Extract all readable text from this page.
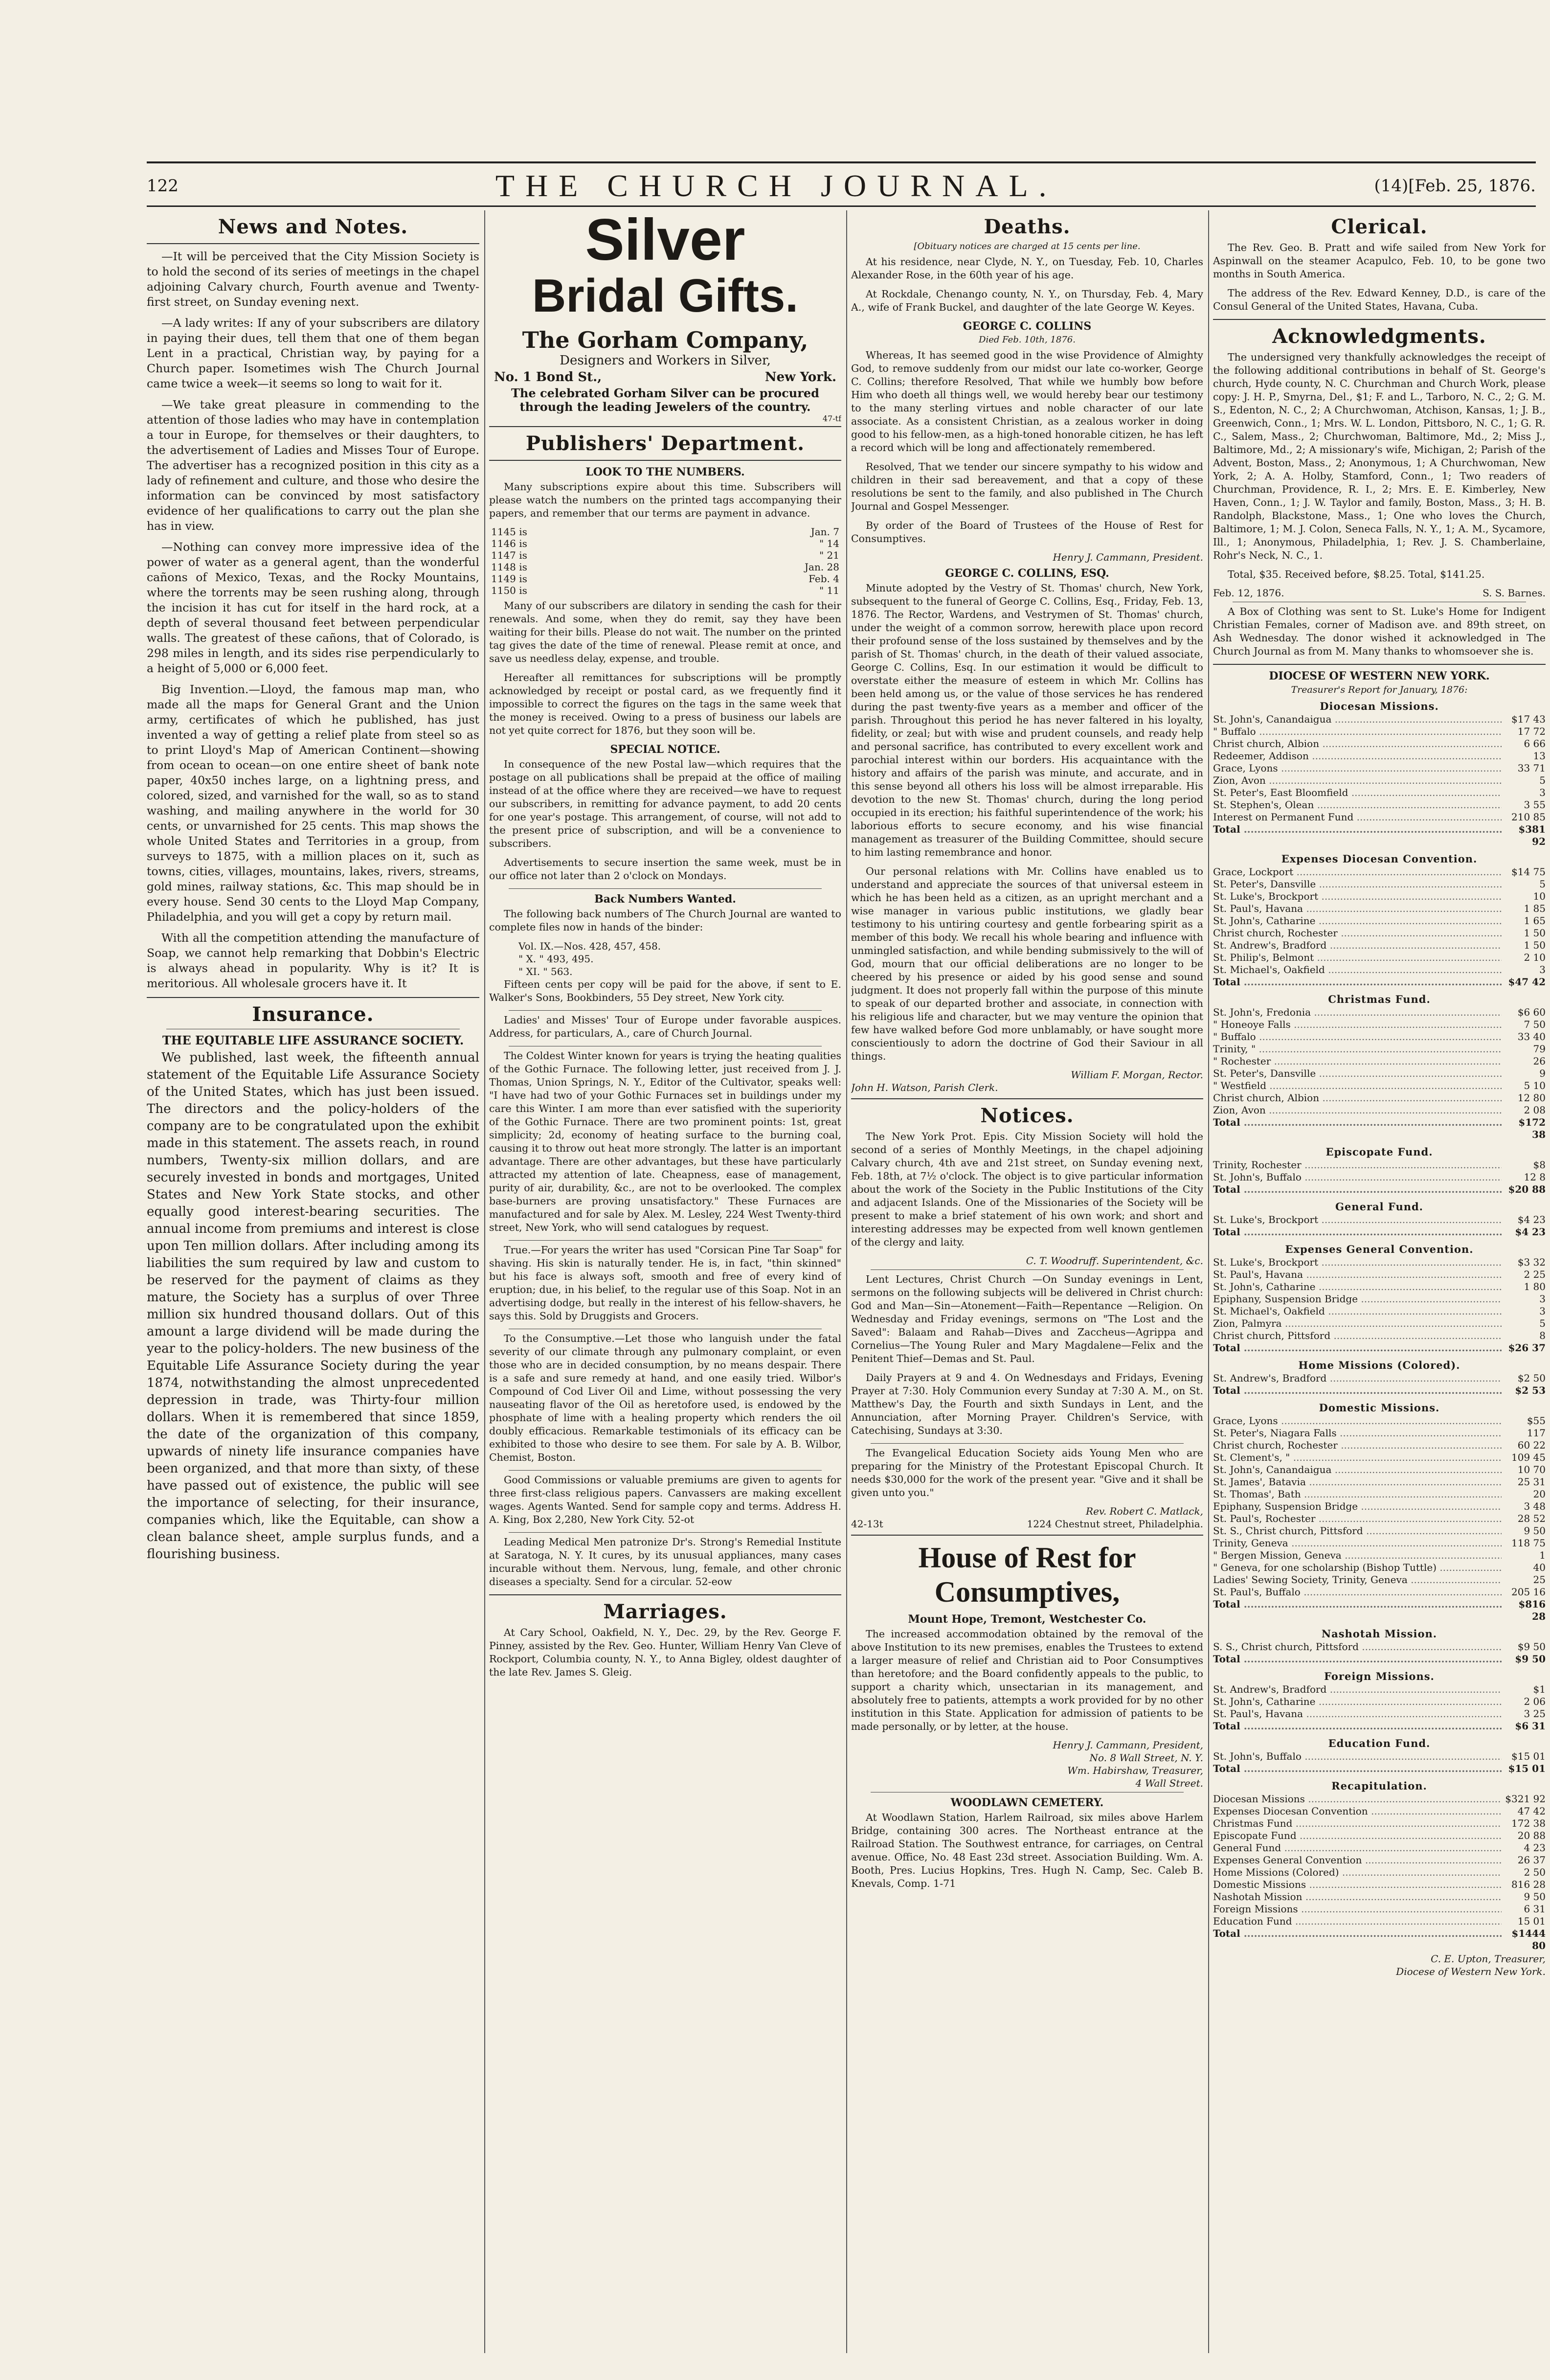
122	THE CHURCH JOURNAL.	(14)[Feb. 25, 1876.
News and Notes.

—It will be perceived that the City Mission Society is to hold the second of its series of meetings in the chapel adjoining Calvary church, Fourth avenue and Twenty-first street, on Sunday evening next.

—A lady writes: If any of your subscribers are dilatory in paying their dues, tell them that one of them began Lent in a practical, Christian way, by paying for a Church paper. Isometimes wish The Church Journal came twice a week—it seems so long to wait for it.

—We take great pleasure in commending to the attention of those ladies who may have in contemplation a tour in Europe, for themselves or their daughters, to the advertisement of Ladies and Misses Tour of Europe. The advertiser has a recognized position in this city as a lady of refinement and culture, and those who desire the information can be convinced by most satisfactory evidence of her qualifications to carry out the plan she has in view.

—Nothing can convey more impressive idea of the power of water as a general agent, than the wonderful cañons of Mexico, Texas, and the Rocky Mountains, where the torrents may be seen rushing along, through the incision it has cut for itself in the hard rock, at a depth of several thousand feet between perpendicular walls. The greatest of these cañons, that of Colorado, is 298 miles in length, and its sides rise perpendicularly to a height of 5,000 or 6,000 feet.

Big Invention.—Lloyd, the famous map man, who made all the maps for General Grant and the Union army, certificates of which he published, has just invented a way of getting a relief plate from steel so as to print Lloyd's Map of American Continent—showing from ocean to ocean—on one entire sheet of bank note paper, 40x50 inches large, on a lightning press, and colored, sized, and varnished for the wall, so as to stand washing, and mailing anywhere in the world for 30 cents, or unvarnished for 25 cents. This map shows the whole United States and Territories in a group, from surveys to 1875, with a million places on it, such as towns, cities, villages, mountains, lakes, rivers, streams, gold mines, railway stations, &c. This map should be in every house. Send 30 cents to the Lloyd Map Company, Philadelphia, and you will get a copy by return mail.

With all the competition attending the manufacture of Soap, we cannot help remarking that Dobbin's Electric is always ahead in popularity. Why is it? It is meritorious. All wholesale grocers have it. It

Insurance.
THE EQUITABLE LIFE ASSURANCE SOCIETY.

We published, last week, the fifteenth annual statement of the Equitable Life Assurance Society of the United States, which has just been issued. The directors and the policy-holders of the company are to be congratulated upon the exhibit made in this statement. The assets reach, in round numbers, Twenty-six million dollars, and are securely invested in bonds and mortgages, United States and New York State stocks, and other equally good interest-bearing securities. The annual income from premiums and interest is close upon Ten million dollars. After including among its liabilities the sum required by law and custom to be reserved for the payment of claims as they mature, the Society has a surplus of over Three million six hundred thousand dollars. Out of this amount a large dividend will be made during the year to the policy-holders. The new business of the Equitable Life Assurance Society during the year 1874, notwithstanding the almost unprecedented depression in trade, was Thirty-four million dollars. When it is remembered that since 1859, the date of the organization of this company, upwards of ninety life insurance companies have been organized, and that more than sixty, of these have passed out of existence, the public will see the importance of selecting, for their insurance, companies which, like the Equitable, can show a clean balance sheet, ample surplus funds, and a flourishing business.

Silver
Bridal Gifts.
The Gorham Company,
Designers and Workers in Silver,
No. 1 Bond St.,	New York.
The celebrated Gorham Silver can be procured through the leading Jewelers of the country.
47-tf
Publishers' Department.
LOOK TO THE NUMBERS.

Many subscriptions expire about this time. Subscribers will please watch the numbers on the printed tags accompanying their papers, and remember that our terms are payment in advance.

1145 is	Jan. 7
1146 is	" 14
1147 is	" 21
1148 is	Jan. 28
1149 is	Feb. 4
1150 is	" 11

Many of our subscribers are dilatory in sending the cash for their renewals. And some, when they do remit, say they have been waiting for their bills. Please do not wait. The number on the printed tag gives the date of the time of renewal. Please remit at once, and save us needless delay, expense, and trouble.

Hereafter all remittances for subscriptions will be promptly acknowledged by receipt or postal card, as we frequently find it impossible to correct the figures on the tags in the same week that the money is received. Owing to a press of business our labels are not yet quite correct for 1876, but they soon will be.

SPECIAL NOTICE.

In consequence of the new Postal law—which requires that the postage on all publications shall be prepaid at the office of mailing instead of at the office where they are received—we have to request our subscribers, in remitting for advance payment, to add 20 cents for one year's postage. This arrangement, of course, will not add to the present price of subscription, and will be a convenience to subscribers.

Advertisements to secure insertion the same week, must be in our office not later than 2 o'clock on Mondays.

Back Numbers Wanted.

The following back numbers of The Church Journal are wanted to complete files now in hands of the binder:

Vol. IX.—Nos. 428, 457, 458.
" X. " 493, 495.
" XI. " 563.

Fifteen cents per copy will be paid for the above, if sent to E. Walker's Sons, Bookbinders, 55 Dey street, New York city.

Ladies' and Misses' Tour of Europe under favorable auspices. Address, for particulars, A., care of Church Journal.

The Coldest Winter known for years is trying the heating qualities of the Gothic Furnace. The following letter, just received from J. J. Thomas, Union Springs, N. Y., Editor of the Cultivator, speaks well: "I have had two of your Gothic Furnaces set in buildings under my care this Winter. I am more than ever satisfied with the superiority of the Gothic Furnace. There are two prominent points: 1st, great simplicity; 2d, economy of heating surface to the burning coal, causing it to throw out heat more strongly. The latter is an important advantage. There are other advantages, but these have particularly attracted my attention of late. Cheapness, ease of management, purity of air, durability, &c., are not to be overlooked. The complex base-burners are proving unsatisfactory." These Furnaces are manufactured and for sale by Alex. M. Lesley, 224 West Twenty-third street, New York, who will send catalogues by request.

True.—For years the writer has used "Corsican Pine Tar Soap" for shaving. His skin is naturally tender. He is, in fact, "thin skinned" but his face is always soft, smooth and free of every kind of eruption; due, in his belief, to the regular use of this Soap. Not in an advertising dodge, but really in the interest of his fellow-shavers, he says this. Sold by Druggists and Grocers.

To the Consumptive.—Let those who languish under the fatal severity of our climate through any pulmonary complaint, or even those who are in decided consumption, by no means despair. There is a safe and sure remedy at hand, and one easily tried. Wilbor's Compound of Cod Liver Oil and Lime, without possessing the very nauseating flavor of the Oil as heretofore used, is endowed by the phosphate of lime with a healing property which renders the oil doubly efficacious. Remarkable testimonials of its efficacy can be exhibited to those who desire to see them. For sale by A. B. Wilbor, Chemist, Boston.

Good Commissions or valuable premiums are given to agents for three first-class religious papers. Canvassers are making excellent wages. Agents Wanted. Send for sample copy and terms. Address H. A. King, Box 2,280, New York City. 52-ot

Leading Medical Men patronize Dr's. Strong's Remedial Institute at Saratoga, N. Y. It cures, by its unusual appliances, many cases incurable without them. Nervous, lung, female, and other chronic diseases a specialty. Send for a circular. 52-eow

Marriages.

At Cary School, Oakfield, N. Y., Dec. 29, by the Rev. George F. Pinney, assisted by the Rev. Geo. Hunter, William Henry Van Cleve of Rockport, Columbia county, N. Y., to Anna Bigley, oldest daughter of the late Rev. James S. Gleig.

Deaths.
[Obituary notices are charged at 15 cents per line.

At his residence, near Clyde, N. Y., on Tuesday, Feb. 10, Charles Alexander Rose, in the 60th year of his age.

At Rockdale, Chenango county, N. Y., on Thursday, Feb. 4, Mary A., wife of Frank Buckel, and daughter of the late George W. Keyes.

GEORGE C. COLLINS
Died Feb. 10th, 1876.

Whereas, It has seemed good in the wise Providence of Almighty God, to remove suddenly from our midst our late co-worker, George C. Collins; therefore Resolved, That while we humbly bow before Him who doeth all things well, we would hereby bear our testimony to the many sterling virtues and noble character of our late associate. As a consistent Christian, as a zealous worker in doing good to his fellow-men, as a high-toned honorable citizen, he has left a record which will be long and affectionately remembered.

Resolved, That we tender our sincere sympathy to his widow and children in their sad bereavement, and that a copy of these resolutions be sent to the family, and also published in The Church Journal and Gospel Messenger.

By order of the Board of Trustees of the House of Rest for Consumptives.

Henry J. Cammann, President.
GEORGE C. COLLINS, ESQ.

Minute adopted by the Vestry of St. Thomas' church, New York, subsequent to the funeral of George C. Collins, Esq., Friday, Feb. 13, 1876. The Rector, Wardens, and Vestrymen of St. Thomas' church, under the weight of a common sorrow, herewith place upon record their profound sense of the loss sustained by themselves and by the parish of St. Thomas' church, in the death of their valued associate, George C. Collins, Esq. In our estimation it would be difficult to overstate either the measure of esteem in which Mr. Collins has been held among us, or the value of those services he has rendered during the past twenty-five years as a member and officer of the parish. Throughout this period he has never faltered in his loyalty, fidelity, or zeal; but with wise and prudent counsels, and ready help and personal sacrifice, has contributed to every excellent work and parochial interest within our borders. His acquaintance with the history and affairs of the parish was minute, and accurate, and in this sense beyond all others his loss will be almost irreparable. His devotion to the new St. Thomas' church, during the long period occupied in its erection; his faithful superintendence of the work; his laborious efforts to secure economy, and his wise financial management as treasurer of the Building Committee, should secure to him lasting remembrance and honor.

Our personal relations with Mr. Collins have enabled us to understand and appreciate the sources of that universal esteem in which he has been held as a citizen, as an upright merchant and a wise manager in various public institutions, we gladly bear testimony to his untiring courtesy and gentle forbearing spirit as a member of this body. We recall his whole bearing and influence with unmingled satisfaction, and while bending submissively to the will of God, mourn that our official deliberations are no longer to be cheered by his presence or aided by his good sense and sound judgment. It does not properly fall within the purpose of this minute to speak of our departed brother and associate, in connection with his religious life and character, but we may venture the opinion that few have walked before God more unblamably, or have sought more conscientiously to adorn the doctrine of God their Saviour in all things.

William F. Morgan, Rector.
John H. Watson, Parish Clerk.
Notices.

The New York Prot. Epis. City Mission Society will hold the second of a series of Monthly Meetings, in the chapel adjoining Calvary church, 4th ave and 21st street, on Sunday evening next, Feb. 18th, at 7½ o'clock. The object is to give particular information about the work of the Society in the Public Institutions of the City and adjacent Islands. One of the Missionaries of the Society will be present to make a brief statement of his own work; and short and interesting addresses may be expected from well known gentlemen of the clergy and laity.

C. T. Woodruff. Superintendent, &c.

Lent Lectures, Christ Church —On Sunday evenings in Lent, sermons on the following subjects will be delivered in Christ church: God and Man—Sin—Atonement—Faith—Repentance —Religion. On Wednesday and Friday evenings, sermons on "The Lost and the Saved": Balaam and Rahab—Dives and Zaccheus—Agrippa and Cornelius—The Young Ruler and Mary Magdalene—Felix and the Penitent Thief—Demas and St. Paul.

Daily Prayers at 9 and 4. On Wednesdays and Fridays, Evening Prayer at 7:30. Holy Communion every Sunday at 7:30 A. M., on St. Matthew's Day, the Fourth and sixth Sundays in Lent, and the Annunciation, after Morning Prayer. Children's Service, with Catechising, Sundays at 3:30.

The Evangelical Education Society aids Young Men who are preparing for the Ministry of the Protestant Episcopal Church. It needs $30,000 for the work of the present year. "Give and it shall be given unto you."

Rev. Robert C. Matlack,
42-13t	1224 Chestnut street, Philadelphia.
House of Rest for Consumptives,
Mount Hope, Tremont, Westchester Co.

The increased accommodation obtained by the removal of the above Institution to its new premises, enables the Trustees to extend a larger measure of relief and Christian aid to Poor Consumptives than heretofore; and the Board confidently appeals to the public, to support a charity which, unsectarian in its management, and absolutely free to patients, attempts a work provided for by no other institution in this State. Application for admission of patients to be made personally, or by letter, at the house.

Henry J. Cammann, President,
No. 8 Wall Street, N. Y.
Wm. Habirshaw, Treasurer,
4 Wall Street.
WOODLAWN CEMETERY.

At Woodlawn Station, Harlem Railroad, six miles above Harlem Bridge, containing 300 acres. The Northeast entrance at the Railroad Station. The Southwest entrance, for carriages, on Central avenue. Office, No. 48 East 23d street. Association Building. Wm. A. Booth, Pres. Lucius Hopkins, Tres. Hugh N. Camp, Sec. Caleb B. Knevals, Comp. 1-71

Clerical.

The Rev. Geo. B. Pratt and wife sailed from New York for Aspinwall on the steamer Acapulco, Feb. 10, to be gone two months in South America.

The address of the Rev. Edward Kenney, D.D., is care of the Consul General of the United States, Havana, Cuba.

Acknowledgments.

The undersigned very thankfully acknowledges the receipt of the following additional contributions in behalf of St. George's church, Hyde county, N. C. Churchman and Church Work, please copy: J. H. P., Smyrna, Del., $1; F. and L., Tarboro, N. C., 2; G. M. S., Edenton, N. C., 2; A Churchwoman, Atchison, Kansas, 1; J. B., Greenwich, Conn., 1; Mrs. W. L. London, Pittsboro, N. C., 1; G. R. C., Salem, Mass., 2; Churchwoman, Baltimore, Md., 2; Miss J., Baltimore, Md., 2; A missionary's wife, Michigan, 2; Parish of the Advent, Boston, Mass., 2; Anonymous, 1; A Churchwoman, New York, 2; A. A. Holby, Stamford, Conn., 1; Two readers of Churchman, Providence, R. I., 2; Mrs. E. E. Kimberley, New Haven, Conn., 1; J. W. Taylor and family, Boston, Mass., 3; H. B. Randolph, Blackstone, Mass., 1; One who loves the Church, Baltimore, 1; M. J. Colon, Seneca Falls, N. Y., 1; A. M., Sycamore, Ill., 1; Anonymous, Philadelphia, 1; Rev. J. S. Chamberlaine, Rohr's Neck, N. C., 1.

Total, $35. Received before, $8.25. Total, $141.25.

Feb. 12, 1876.	S. S. Barnes.

A Box of Clothing was sent to St. Luke's Home for Indigent Christian Females, corner of Madison ave. and 89th street, on Ash Wednesday. The donor wished it acknowledged in The Church Journal as from M. Many thanks to whomsoever she is.

DIOCESE OF WESTERN NEW YORK.
Treasurer's Report for January, 1876:
Diocesan Missions.
St. John's, Canandaigua .....	$17 43
" Buffalo .....	17 72
Christ church, Albion .....	6 66
Redeemer, Addison .....	13
Grace, Lyons .....	33 71
Zion, Avon .....	5
St. Peter's, East Bloomfield .....	3
St. Stephen's, Olean .....	3 55
Interest on Permanent Fund .....	210 85
Total .....	$381 92
Expenses Diocesan Convention.
Grace, Lockport .....	$14 75
St. Peter's, Dansville .....	5
St. Luke's, Brockport .....	10
St. Paul's, Havana .....	1 85
St. John's, Catharine .....	1 65
Christ church, Rochester .....	1 50
St. Andrew's, Bradford .....	1 50
St. Philip's, Belmont .....	2 10
St. Michael's, Oakfield .....	3
Total .....	$47 42
Christmas Fund.
St. John's, Fredonia .....	$6 60
" Honeoye Falls .....	7 50
" Buffalo .....	33 40
Trinity, " .....	79
" Rochester .....	26
St. Peter's, Dansville .....	9
" Westfield .....	5 10
Christ church, Albion .....	12 80
Zion, Avon .....	2 08
Total .....	$172 38
Episcopate Fund.
Trinity, Rochester .....	$8
St. John's, Buffalo .....	12 8
Total .....	$20 88
General Fund.
St. Luke's, Brockport .....	$4 23
Total .....	$4 23
Expenses General Convention.
St. Luke's, Brockport .....	$3 32
St. Paul's, Havana .....	2 25
St. John's, Catharine .....	1 80
Epiphany, Suspension Bridge .....	3
St. Michael's, Oakfield .....	3
Zion, Palmyra .....	5
Christ church, Pittsford .....	8
Total .....	$26 37
Home Missions (Colored).
St. Andrew's, Bradford .....	$2 50
Total .....	$2 53
Domestic Missions.
Grace, Lyons .....	$55
St. Peter's, Niagara Falls .....	117
Christ church, Rochester .....	60 22
St. Clement's, " .....	109 45
St. John's, Canandaigua .....	10 70
St. James', Batavia .....	25 31
St. Thomas', Bath .....	20
Epiphany, Suspension Bridge .....	3 48
St. Paul's, Rochester .....	28 52
St. S., Christ church, Pittsford .....	9 50
Trinity, Geneva .....	118 75
" Bergen Mission, Geneva .....	1
" Geneva, for one scholarship (Bishop Tuttle) .....	40
Ladies' Sewing Society, Trinity, Geneva .....	25
St. Paul's, Buffalo .....	205 16
Total .....	$816 28
Nashotah Mission.
S. S., Christ church, Pittsford .....	$9 50
Total .....	$9 50
Foreign Missions.
St. Andrew's, Bradford .....	$1
St. John's, Catharine .....	2 06
St. Paul's, Havana .....	3 25
Total .....	$6 31
Education Fund.
St. John's, Buffalo .....	$15 01
Total .....	$15 01
Recapitulation.
Diocesan Missions .....	$321 92
Expenses Diocesan Convention .....	47 42
Christmas Fund .....	172 38
Episcopate Fund .....	20 88
General Fund .....	4 23
Expenses General Convention .....	26 37
Home Missions (Colored) .....	2 50
Domestic Missions .....	816 28
Nashotah Mission .....	9 50
Foreign Missions .....	6 31
Education Fund .....	15 01
Total .....	$1444 80
C. E. Upton, Treasurer,
Diocese of Western New York.
